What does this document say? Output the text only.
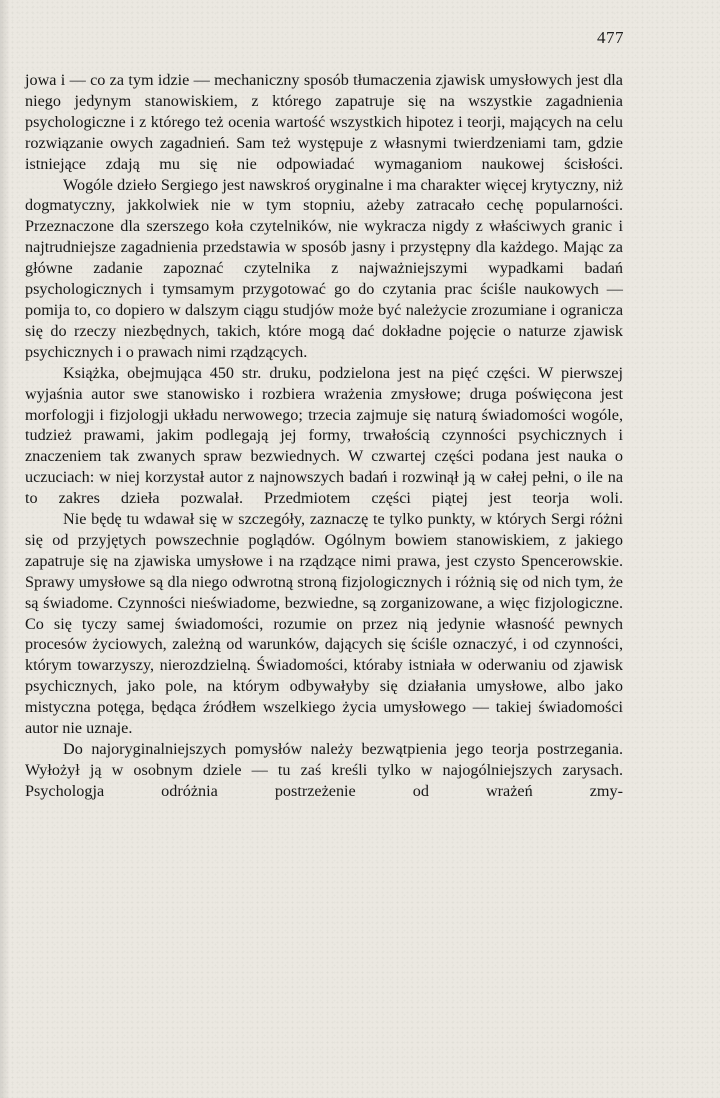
477

jowa i — co za tym idzie — mechaniczny sposób tłumaczenia zjawisk umysłowych jest dla niego jedynym stanowiskiem, z którego zapatruje się na wszystkie zagadnienia psychologiczne i z którego też ocenia wartość wszystkich hipotez i teorji, mających na celu rozwiązanie owych zagadnień. Sam też występuje z własnymi twierdzeniami tam, gdzie istniejące zdają mu się nie odpowiadać wymaganiom naukowej ścisłości.

Wogóle dzieło Sergiego jest nawskroś oryginalne i ma charakter więcej krytyczny, niż dogmatyczny, jakkolwiek nie w tym stopniu, ażeby zatracało cechę popularności. Przeznaczone dla szerszego koła czytelników, nie wykracza nigdy z właściwych granic i najtrudniejsze zagadnienia przedstawia w sposób jasny i przystępny dla każdego. Mając za główne zadanie zapoznać czytelnika z najważniejszymi wypadkami badań psychologicznych i tymsamym przygotować go do czytania prac ściśle naukowych — pomija to, co dopiero w dalszym ciągu studjów może być należycie zrozumiane i ogranicza się do rzeczy niezbędnych, takich, które mogą dać dokładne pojęcie o naturze zjawisk psychicznych i o prawach nimi rządzących.

Książka, obejmująca 450 str. druku, podzielona jest na pięć części. W pierwszej wyjaśnia autor swe stanowisko i rozbiera wrażenia zmysłowe; druga poświęcona jest morfologji i fizjologji układu nerwowego; trzecia zajmuje się naturą świadomości wogóle, tudzież prawami, jakim podlegają jej formy, trwałością czynności psychicznych i znaczeniem tak zwanych spraw bezwiednych. W czwartej części podana jest nauka o uczuciach: w niej korzystał autor z najnowszych badań i rozwinął ją w całej pełni, o ile na to zakres dzieła pozwalał. Przedmiotem części piątej jest teorja woli.

Nie będę tu wdawał się w szczegóły, zaznaczę te tylko punkty, w których Sergi różni się od przyjętych powszechnie poglądów. Ogólnym bowiem stanowiskiem, z jakiego zapatruje się na zjawiska umysłowe i na rządzące nimi prawa, jest czysto Spencerowskie. Sprawy umysłowe są dla niego odwrotną stroną fizjologicznych i różnią się od nich tym, że są świadome. Czynności nieświadome, bezwiedne, są zorganizowane, a więc fizjologiczne. Co się tyczy samej świadomości, rozumie on przez nią jedynie własność pewnych procesów życiowych, zależną od warunków, dających się ściśle oznaczyć, i od czynności, którym towarzyszy, nierozdzielną. Świadomości, któraby istniała w oderwaniu od zjawisk psychicznych, jako pole, na którym odbywałyby się działania umysłowe, albo jako mistyczna potęga, będąca źródłem wszelkiego życia umysłowego — takiej świadomości autor nie uznaje.

Do najoryginalniejszych pomysłów należy bezwątpienia jego teorja postrzegania. Wyłożył ją w osobnym dziele — tu zaś kreśli tylko w najogólniejszych zarysach. Psychologja odróżnia postrzeżenie od wrażeń zmy-
